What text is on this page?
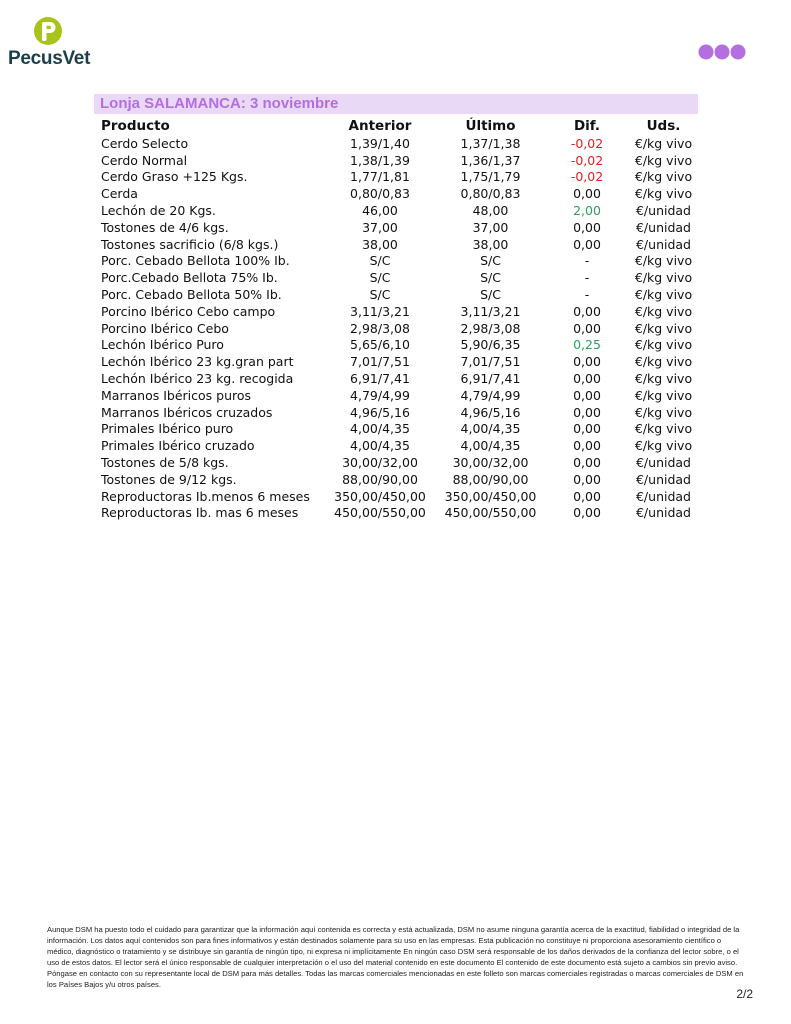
PecusVet
Lonja SALAMANCA: 3 noviembre
Producto	Anterior	Último	Dif.	Uds.
Cerdo Selecto	1,39/1,40	1,37/1,38	-0,02	€/kg vivo
Cerdo Normal	1,38/1,39	1,36/1,37	-0,02	€/kg vivo
Cerdo Graso +125 Kgs.	1,77/1,81	1,75/1,79	-0,02	€/kg vivo
Cerda	0,80/0,83	0,80/0,83	0,00	€/kg vivo
Lechón de 20 Kgs.	46,00	48,00	2,00	€/unidad
Tostones de 4/6 kgs.	37,00	37,00	0,00	€/unidad
Tostones sacrificio (6/8 kgs.)	38,00	38,00	0,00	€/unidad
Porc. Cebado Bellota 100% Ib.	S/C	S/C	-	€/kg vivo
Porc.Cebado Bellota 75% Ib.	S/C	S/C	-	€/kg vivo
Porc. Cebado Bellota 50% Ib.	S/C	S/C	-	€/kg vivo
Porcino Ibérico Cebo campo	3,11/3,21	3,11/3,21	0,00	€/kg vivo
Porcino Ibérico Cebo	2,98/3,08	2,98/3,08	0,00	€/kg vivo
Lechón Ibérico Puro	5,65/6,10	5,90/6,35	0,25	€/kg vivo
Lechón Ibérico 23 kg.gran part	7,01/7,51	7,01/7,51	0,00	€/kg vivo
Lechón Ibérico 23 kg. recogida	6,91/7,41	6,91/7,41	0,00	€/kg vivo
Marranos Ibéricos puros	4,79/4,99	4,79/4,99	0,00	€/kg vivo
Marranos Ibéricos cruzados	4,96/5,16	4,96/5,16	0,00	€/kg vivo
Primales Ibérico puro	4,00/4,35	4,00/4,35	0,00	€/kg vivo
Primales Ibérico cruzado	4,00/4,35	4,00/4,35	0,00	€/kg vivo
Tostones de 5/8 kgs.	30,00/32,00	30,00/32,00	0,00	€/unidad
Tostones de 9/12 kgs.	88,00/90,00	88,00/90,00	0,00	€/unidad
Reproductoras Ib.menos 6 meses	350,00/450,00	350,00/450,00	0,00	€/unidad
Reproductoras Ib. mas 6 meses	450,00/550,00	450,00/550,00	0,00	€/unidad
Aunque DSM ha puesto todo el cuidado para garantizar que la información aquí contenida es correcta y está actualizada, DSM no asume ninguna garantía acerca de la exactitud, fiabilidad o integridad de la información. Los datos aquí contenidos son para fines informativos y están destinados solamente para su uso en las empresas. Esta publicación no constituye ni proporciona asesoramiento científico o médico, diagnóstico o tratamiento y se distribuye sin garantía de ningún tipo, ni expresa ni implícitamente En ningún caso DSM será responsable de los daños derivados de la confianza del lector sobre, o el uso de estos datos. El lector será el único responsable de cualquier interpretación o el uso del material contenido en este documento El contenido de este documento está sujeto a cambios sin previo aviso. Póngase en contacto con su representante local de DSM para más detalles. Todas las marcas comerciales mencionadas en este folleto son marcas comerciales registradas o marcas comerciales de DSM en los Países Bajos y/u otros países.
2/2
